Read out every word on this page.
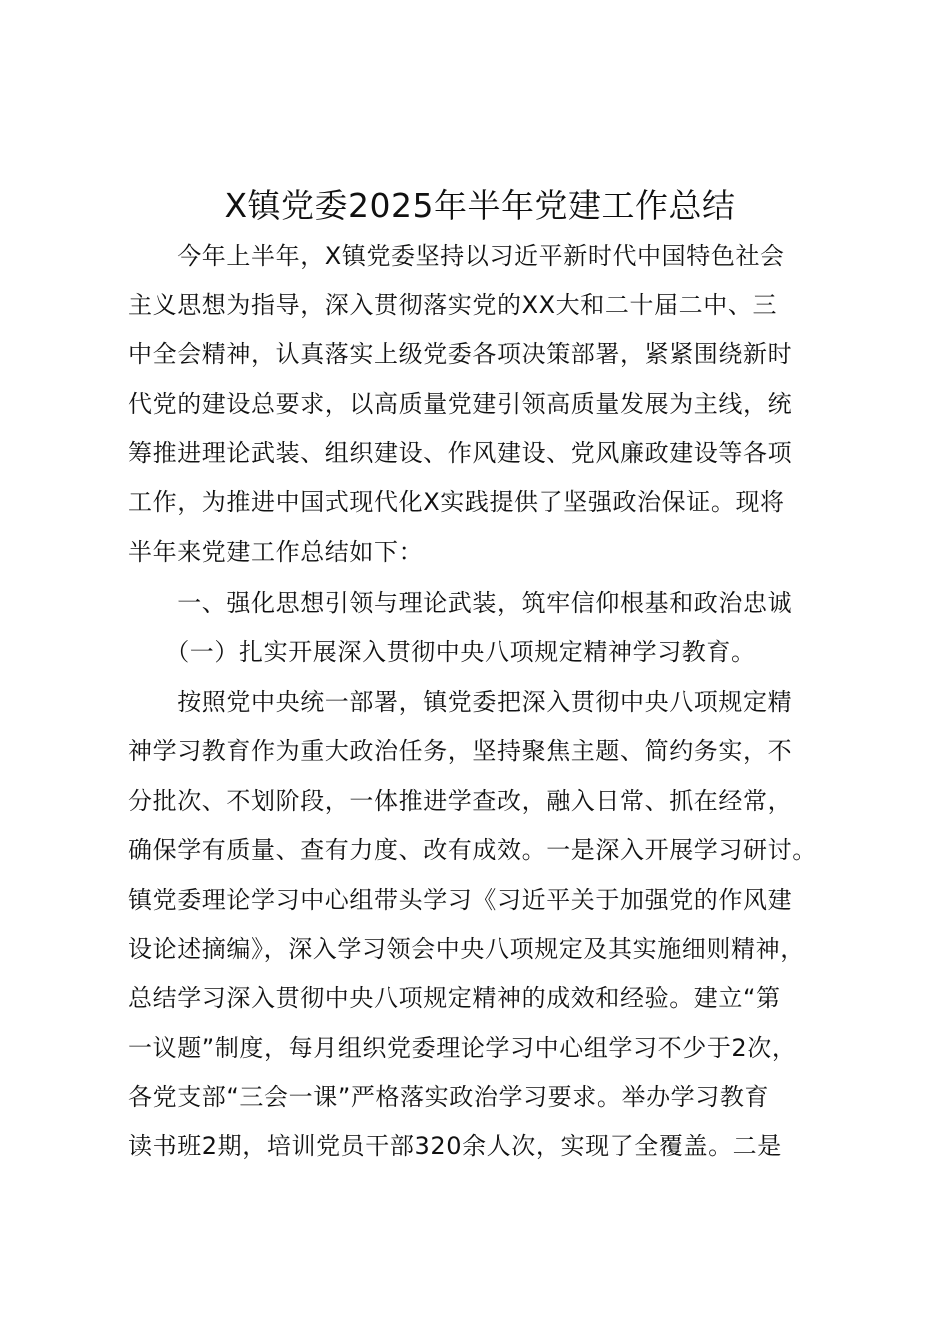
X镇党委2025年半年党建工作总结
　　今年上半年，X镇党委坚持以习近平新时代中国特色社会
主义思想为指导，深入贯彻落实党的XX大和二十届二中、三
中全会精神，认真落实上级党委各项决策部署，紧紧围绕新时
代党的建设总要求，以高质量党建引领高质量发展为主线，统
筹推进理论武装、组织建设、作风建设、党风廉政建设等各项
工作，为推进中国式现代化X实践提供了坚强政治保证。现将
半年来党建工作总结如下：
　　一、强化思想引领与理论武装，筑牢信仰根基和政治忠诚
　　（一）扎实开展深入贯彻中央八项规定精神学习教育。
　　按照党中央统一部署，镇党委把深入贯彻中央八项规定精
神学习教育作为重大政治任务，坚持聚焦主题、简约务实，不
分批次、不划阶段，一体推进学查改，融入日常、抓在经常，
确保学有质量、查有力度、改有成效。一是深入开展学习研讨。
镇党委理论学习中心组带头学习《习近平关于加强党的作风建
设论述摘编》，深入学习领会中央八项规定及其实施细则精神，
总结学习深入贯彻中央八项规定精神的成效和经验。建立“第
一议题”制度，每月组织党委理论学习中心组学习不少于2次，
各党支部“三会一课”严格落实政治学习要求。举办学习教育
读书班2期，培训党员干部320余人次，实现了全覆盖。二是
